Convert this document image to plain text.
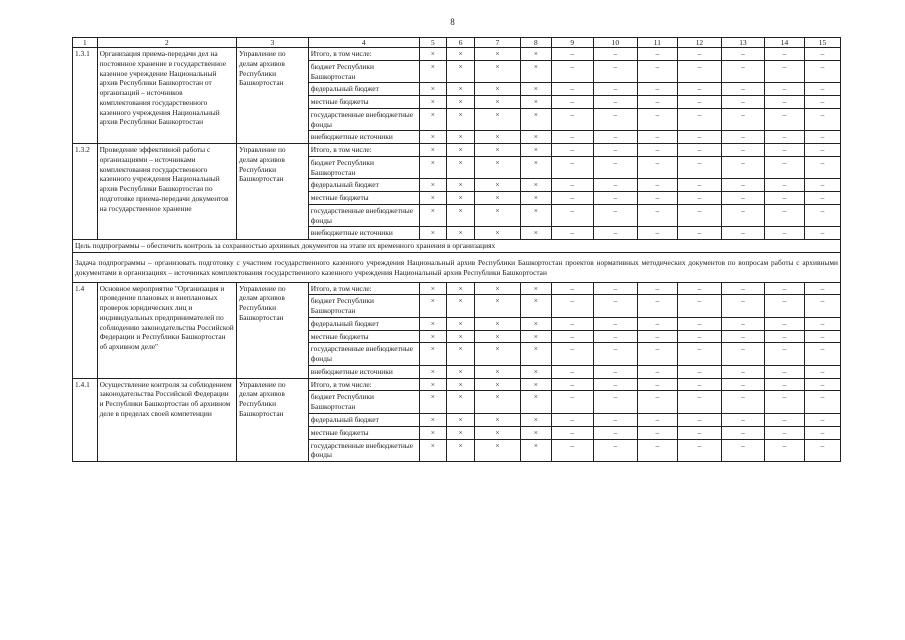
8
1	2	3	4	5	6	7	8	9	10	11	12	13	14	15
1.3.1	Организация приема-передачи дел на постоянное хранение в государственное казенное учреждение Национальный архив Республики Башкортостан от организаций – источников комплектования государственного казенного учреждения Национальный архив Республики Башкортостан	Управление по делам архивов Республики Башкортостан	Итого, в том числе:	×	×	×	×	–	–	–	–	–	–	–
			бюджет Республики Башкортостан	×	×	×	×	–	–	–	–	–	–	–
			федеральный бюджет	×	×	×	×	–	–	–	–	–	–	–
			местные бюджеты	×	×	×	×	–	–	–	–	–	–	–
			государственные внебюджетные фонды	×	×	×	×	–	–	–	–	–	–	–
			внебюджетные источники	×	×	×	×	–	–	–	–	–	–	–
1.3.2	Проведение эффективной работы с организациями – источниками комплектования государственного казенного учреждения Национальный архив Республики Башкортостан по подготовке приема-передачи документов на государственное хранение	Управление по делам архивов Республики Башкортостан	Итого, в том числе:	×	×	×	×	–	–	–	–	–	–	–
			бюджет Республики Башкортостан	×	×	×	×	–	–	–	–	–	–	–
			федеральный бюджет	×	×	×	×	–	–	–	–	–	–	–
			местные бюджеты	×	×	×	×	–	–	–	–	–	–	–
			государственные внебюджетные фонды	×	×	×	×	–	–	–	–	–	–	–
			внебюджетные источники	×	×	×	×	–	–	–	–	–	–	–
Цель подпрограммы – обеспечить контроль за сохранностью архивных документов на этапе их временного хранения в организациях														
Задача подпрограммы – организовать подготовку с участием государственного казенного учреждения Национальный архив Республики Башкортостан проектов нормативных методических документов по вопросам работы с архивными документами в организациях – источниках комплектования государственного казенного учреждения Национальный архив Республики Башкортостан														
1.4	Основное мероприятие "Организация и проведение плановых и внеплановых проверок юридических лиц и индивидуальных предпринимателей по соблюдению законодательства Российской Федерации и Республики Башкортостан об архивном деле"	Управление по делам архивов Республики Башкортостан	Итого, в том числе:	×	×	×	×	–	–	–	–	–	–	–
			бюджет Республики Башкортостан	×	×	×	×	–	–	–	–	–	–	–
			федеральный бюджет	×	×	×	×	–	–	–	–	–	–	–
			местные бюджеты	×	×	×	×	–	–	–	–	–	–	–
			государственные внебюджетные фонды	×	×	×	×	–	–	–	–	–	–	–
			внебюджетные источники	×	×	×	×	–	–	–	–	–	–	–
1.4.1	Осуществление контроля за соблюдением законодательства Российской Федерации и Республики Башкортостан об архивном деле в пределах своей компетенции	Управление по делам архивов Республики Башкортостан	Итого, в том числе:	×	×	×	×	–	–	–	–	–	–	–
			бюджет Республики Башкортостан	×	×	×	×	–	–	–	–	–	–	–
			федеральный бюджет	×	×	×	×	–	–	–	–	–	–	–
			местные бюджеты	×	×	×	×	–	–	–	–	–	–	–
			государственные внебюджетные фонды	×	×	×	×	–	–	–	–	–	–	–
